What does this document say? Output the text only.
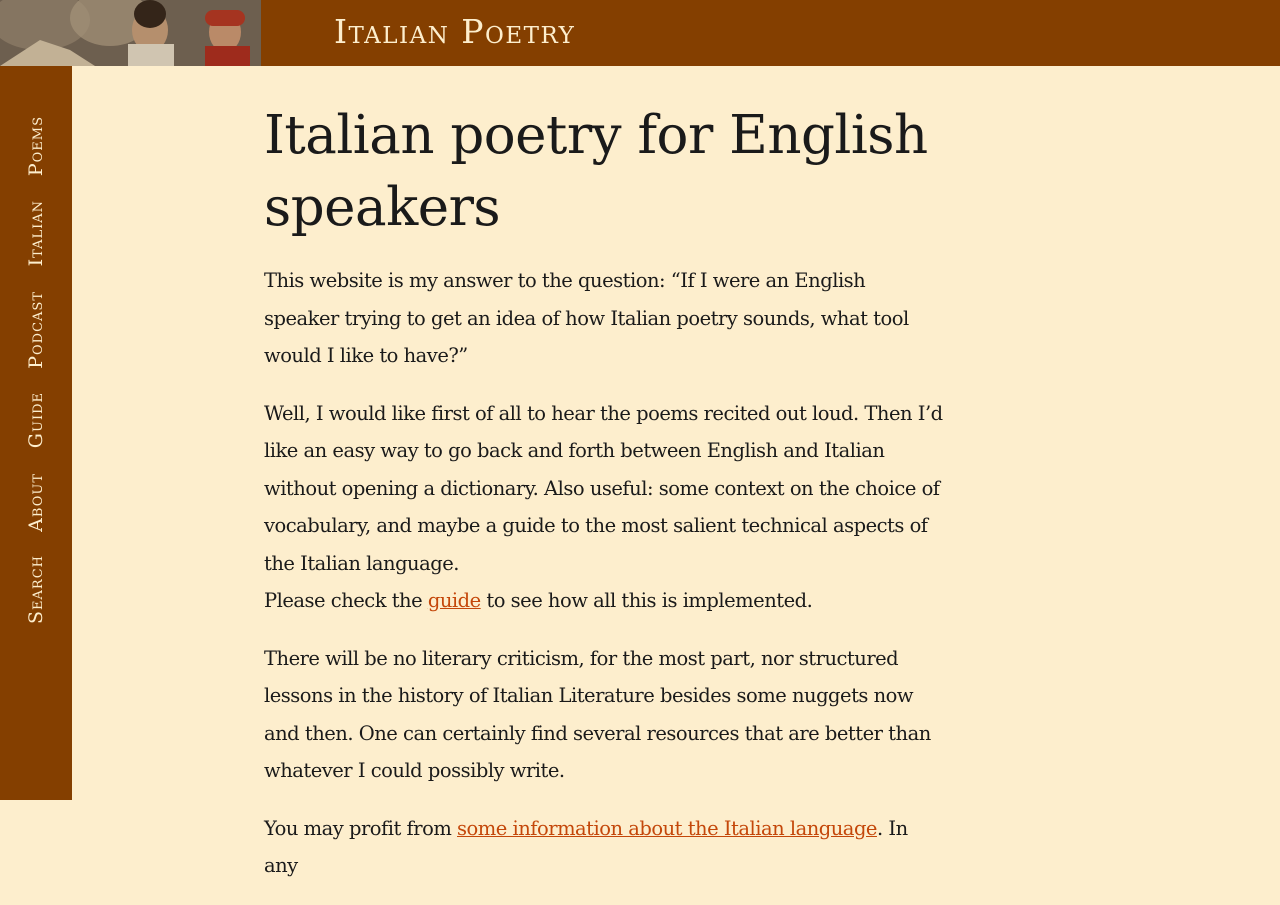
Italian Poetry
Poems
Italian
Podcast
Guide
About
Search
Italian poetry for English speakers

This website is my answer to the question: “If I were an English speaker trying to get an idea of how Italian poetry sounds, what tool would I like to have?”

Well, I would like first of all to hear the poems recited out loud. Then I’d like an easy way to go back and forth between English and Italian without opening a dictionary. Also useful: some context on the choice of vocabulary, and maybe a guide to the most salient technical aspects of the Italian language.

Please check the guide to see how all this is implemented.

There will be no literary criticism, for the most part, nor structured lessons in the history of Italian Literature besides some nuggets now and then. One can certainly find several resources that are better than whatever I could possibly write.

You may profit from some information about the Italian language. In any
